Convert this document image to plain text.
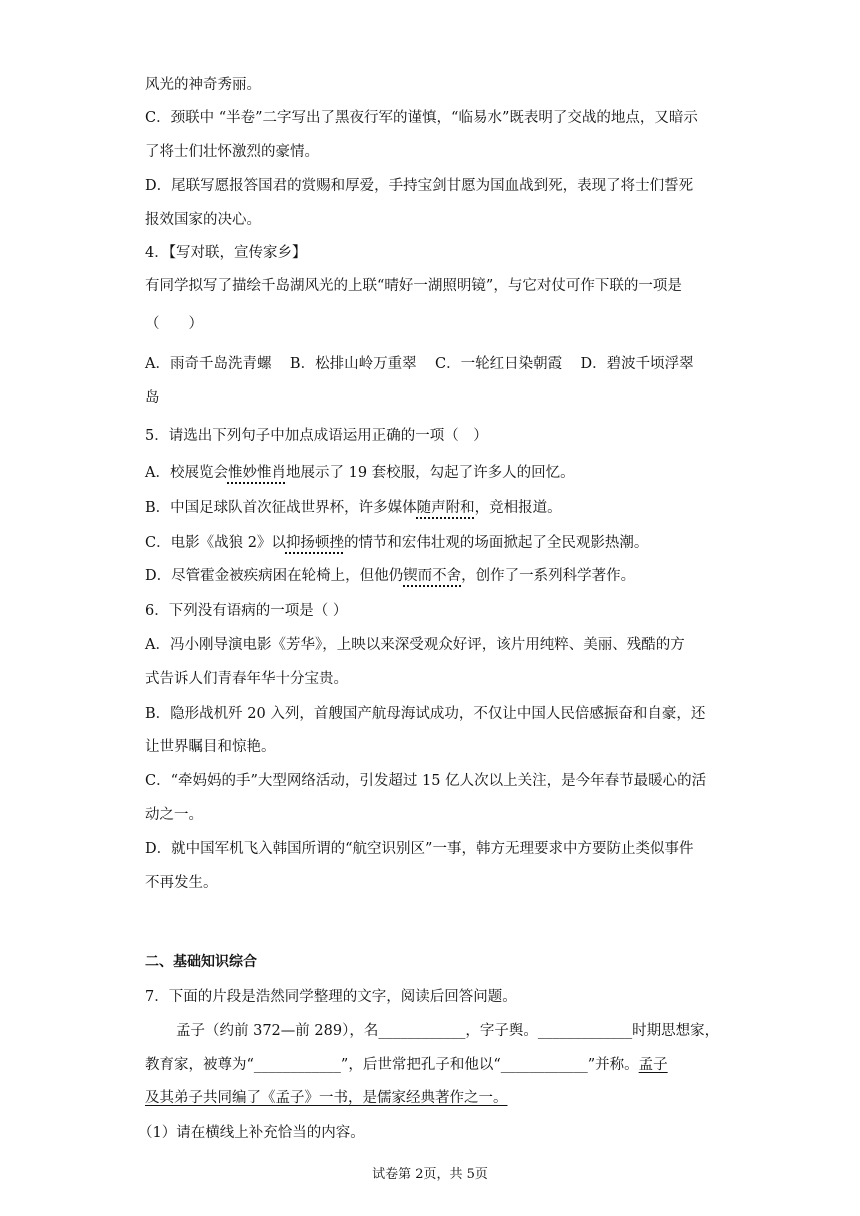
风光的神奇秀丽。
C．颈联中 “半卷”二字写出了黑夜行军的谨慎，“临易水”既表明了交战的地点，又暗示
了将士们壮怀激烈的豪情。
D．尾联写愿报答国君的赏赐和厚爱，手持宝剑甘愿为国血战到死，表现了将士们誓死
报效国家的决心。
4．【写对联，宣传家乡】
有同学拟写了描绘千岛湖风光的上联“晴好一湖照明镜”，与它对仗可作下联的一项是
（　　）
A．雨奇千岛洗青螺 B．松排山岭万重翠 C．一轮红日染朝霞 D．碧波千顷浮翠
岛
5．请选出下列句子中加点成语运用正确的一项（　）
A．校展览会惟妙惟肖地展示了 19 套校服，勾起了许多人的回忆。
B．中国足球队首次征战世界杯，许多媒体随声附和，竞相报道。
C．电影《战狼 2》以抑扬顿挫的情节和宏伟壮观的场面掀起了全民观影热潮。
D．尽管霍金被疾病困在轮椅上，但他仍锲而不舍，创作了一系列科学著作。
6．下列没有语病的一项是（ ）
A．冯小刚导演电影《芳华》，上映以来深受观众好评，该片用纯粹、美丽、残酷的方
式告诉人们青春年华十分宝贵。
B．隐形战机歼 20 入列，首艘国产航母海试成功，不仅让中国人民倍感振奋和自豪，还
让世界瞩目和惊艳。
C．“牵妈妈的手”大型网络活动，引发超过 15 亿人次以上关注，是今年春节最暖心的活
动之一。
D．就中国军机飞入韩国所谓的“航空识别区”一事，韩方无理要求中方要防止类似事件
不再发生。
二、基础知识综合
7．下面的片段是浩然同学整理的文字，阅读后回答问题。
孟子（约前 372—前 289），名____________，字子舆。_____________时期思想家，
教育家，被尊为“____________”，后世常把孔子和他以“____________”并称。孟子
及其弟子共同编了《孟子》一书，是儒家经典著作之一。
（1）请在横线上补充恰当的内容。
试卷第 2页，共 5页
